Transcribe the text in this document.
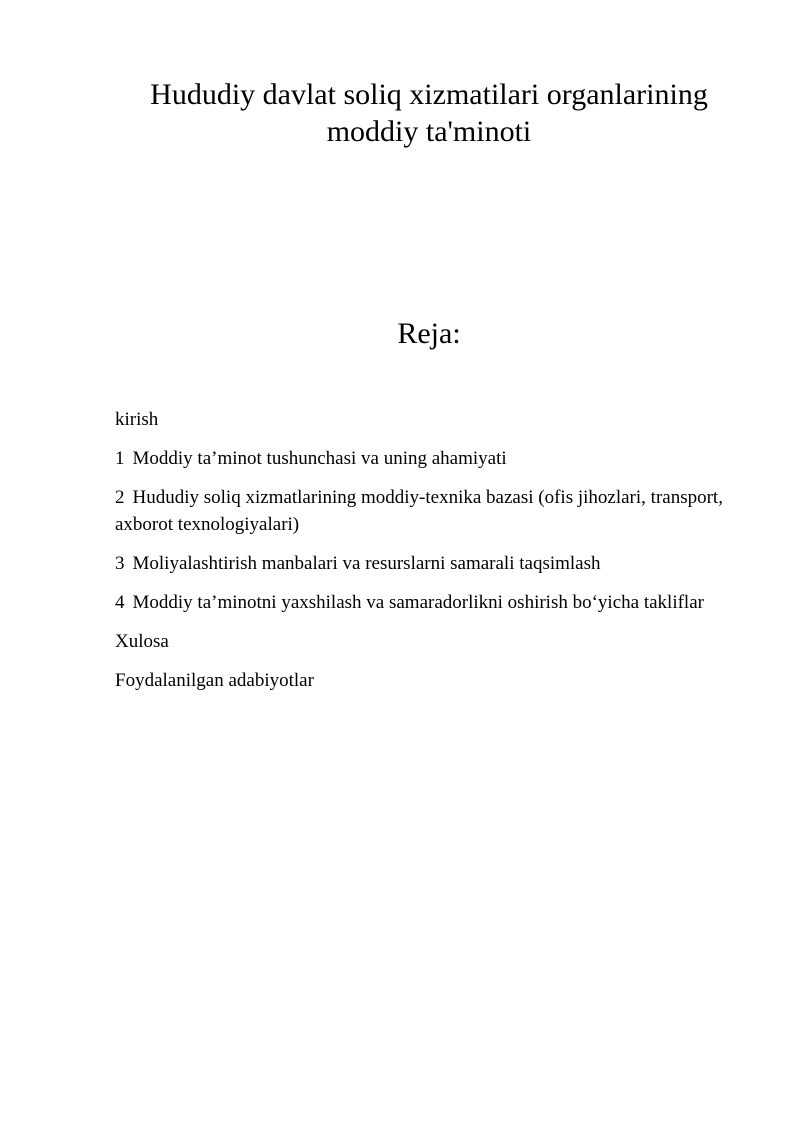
Hududiy davlat soliq xizmatilari organlarining
moddiy ta'minoti
Reja:
kirish
1 Moddiy ta’minot tushunchasi va uning ahamiyati
2 Hududiy soliq xizmatlarining moddiy-texnika bazasi (ofis jihozlari, transport, axborot texnologiyalari)
3 Moliyalashtirish manbalari va resurslarni samarali taqsimlash
4 Moddiy ta’minotni yaxshilash va samaradorlikni oshirish bo‘yicha takliflar
Xulosa
Foydalanilgan adabiyotlar
